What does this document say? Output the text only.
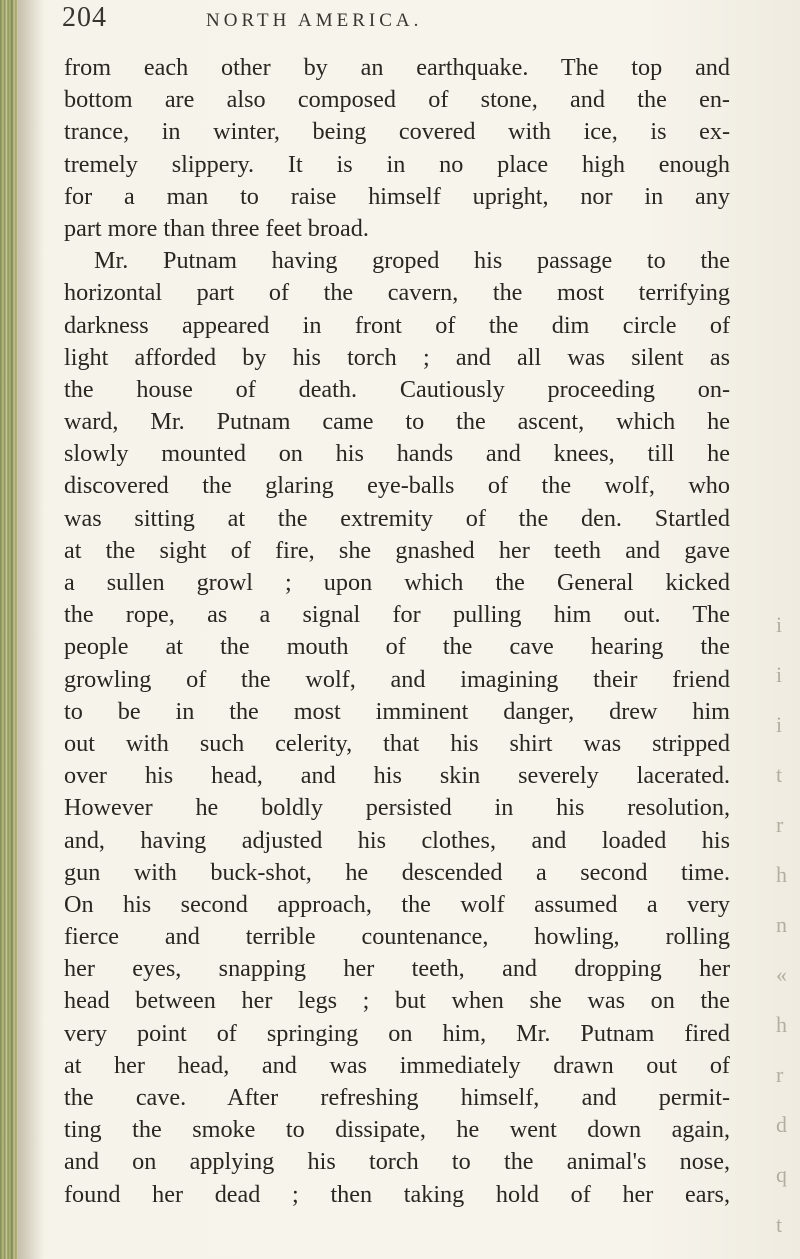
i
i
i
t
r
h
n
«
h
r
d
q
t
204	NORTH AMERICA.
from each other by an earthquake. The top and
bottom are also composed of stone, and the en-
trance, in winter, being covered with ice, is ex-
tremely slippery. It is in no place high enough
for a man to raise himself upright, nor in any
part more than three feet broad.
Mr. Putnam having groped his passage to the
horizontal part of the cavern, the most terrifying
darkness appeared in front of the dim circle of
light afforded by his torch ; and all was silent as
the house of death. Cautiously proceeding on-
ward, Mr. Putnam came to the ascent, which he
slowly mounted on his hands and knees, till he
discovered the glaring eye-balls of the wolf, who
was sitting at the extremity of the den. Startled
at the sight of fire, she gnashed her teeth and gave
a sullen growl ; upon which the General kicked
the rope, as a signal for pulling him out. The
people at the mouth of the cave hearing the
growling of the wolf, and imagining their friend
to be in the most imminent danger, drew him
out with such celerity, that his shirt was stripped
over his head, and his skin severely lacerated.
However he boldly persisted in his resolution,
and, having adjusted his clothes, and loaded his
gun with buck-shot, he descended a second time.
On his second approach, the wolf assumed a very
fierce and terrible countenance, howling, rolling
her eyes, snapping her teeth, and dropping her
head between her legs ; but when she was on the
very point of springing on him, Mr. Putnam fired
at her head, and was immediately drawn out of
the cave. After refreshing himself, and permit-
ting the smoke to dissipate, he went down again,
and on applying his torch to the animal's nose,
found her dead ; then taking hold of her ears,
